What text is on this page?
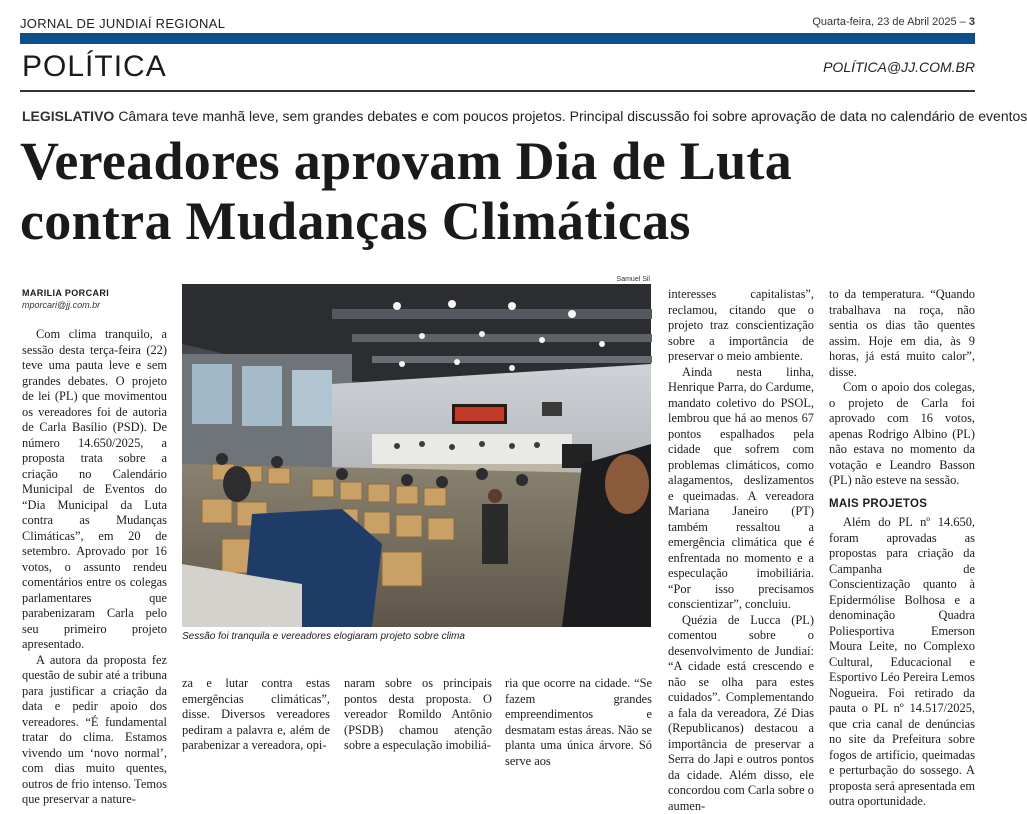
JORNAL DE JUNDIAÍ REGIONAL	Quarta-feira, 23 de Abril 2025 – 3
POLÍTICA	POLÍTICA@JJ.COM.BR
LEGISLATIVO Câmara teve manhã leve, sem grandes debates e com poucos projetos. Principal discussão foi sobre aprovação de data no calendário de eventos
Vereadores aprovam Dia de Luta
contra Mudanças Climáticas
MARILIA PORCARI
mporcari@jj.com.br

Com clima tranquilo, a sessão desta terça-feira (22) teve uma pauta leve e sem grandes debates. O projeto de lei (PL) que movimentou os vereadores foi de autoria de Carla Basílio (PSD). De número 14.650/2025, a proposta trata sobre a criação no Calendário Municipal de Eventos do “Dia Municipal da Luta contra as Mudanças Climáticas”, em 20 de setembro. Aprovado por 16 votos, o assunto rendeu comentários entre os colegas parlamentares que parabenizaram Carla pelo seu primeiro projeto apresentado.

A autora da proposta fez questão de subir até a tribuna para justificar a criação da data e pedir apoio dos vereadores. “É fundamental tratar do clima. Estamos vivendo um ‘novo normal’, com dias muito quentes, outros de frio intenso. Temos que preservar a nature-

Samuel Sil
Sessão foi tranquila e vereadores elogiaram projeto sobre clima

za e lutar contra estas emergências climáticas”, disse. Diversos vereadores pediram a palavra e, além de parabenizar a vereadora, opi-

naram sobre os principais pontos desta proposta. O vereador Romildo Antônio (PSDB) chamou atenção sobre a especulação imobiliá-

ria que ocorre na cidade. “Se fazem grandes empreendimentos e desmatam estas áreas. Não se planta uma única árvore. Só serve aos

interesses capitalistas”, reclamou, citando que o projeto traz conscientização sobre a importância de preservar o meio ambiente.

Ainda nesta linha, Henrique Parra, do Cardume, mandato coletivo do PSOL, lembrou que há ao menos 67 pontos espalhados pela cidade que sofrem com problemas climáticos, como alagamentos, deslizamentos e queimadas. A vereadora Mariana Janeiro (PT) também ressaltou a emergência climática que é enfrentada no momento e a especulação imobiliária. “Por isso precisamos conscientizar”, concluiu.

Quézia de Lucca (PL) comentou sobre o desenvolvimento de Jundiaí: “A cidade está crescendo e não se olha para estes cuidados”. Complementando a fala da vereadora, Zé Dias (Republicanos) destacou a importância de preservar a Serra do Japi e outros pontos da cidade. Além disso, ele concordou com Carla sobre o aumen-

to da temperatura. “Quando trabalhava na roça, não sentia os dias tão quentes assim. Hoje em dia, às 9 horas, já está muito calor”, disse.

Com o apoio dos colegas, o projeto de Carla foi aprovado com 16 votos, apenas Rodrigo Albino (PL) não estava no momento da votação e Leandro Basson (PL) não esteve na sessão.

MAIS PROJETOS

Além do PL nº 14.650, foram aprovadas as propostas para criação da Campanha de Conscientização quanto à Epidermólise Bolhosa e a denominação Quadra Poliesportiva Emerson Moura Leite, no Complexo Cultural, Educacional e Esportivo Léo Pereira Lemos Nogueira. Foi retirado da pauta o PL nº 14.517/2025, que cria canal de denúncias no site da Prefeitura sobre fogos de artifício, queimadas e perturbação do sossego. A proposta será apresentada em outra oportunidade.
